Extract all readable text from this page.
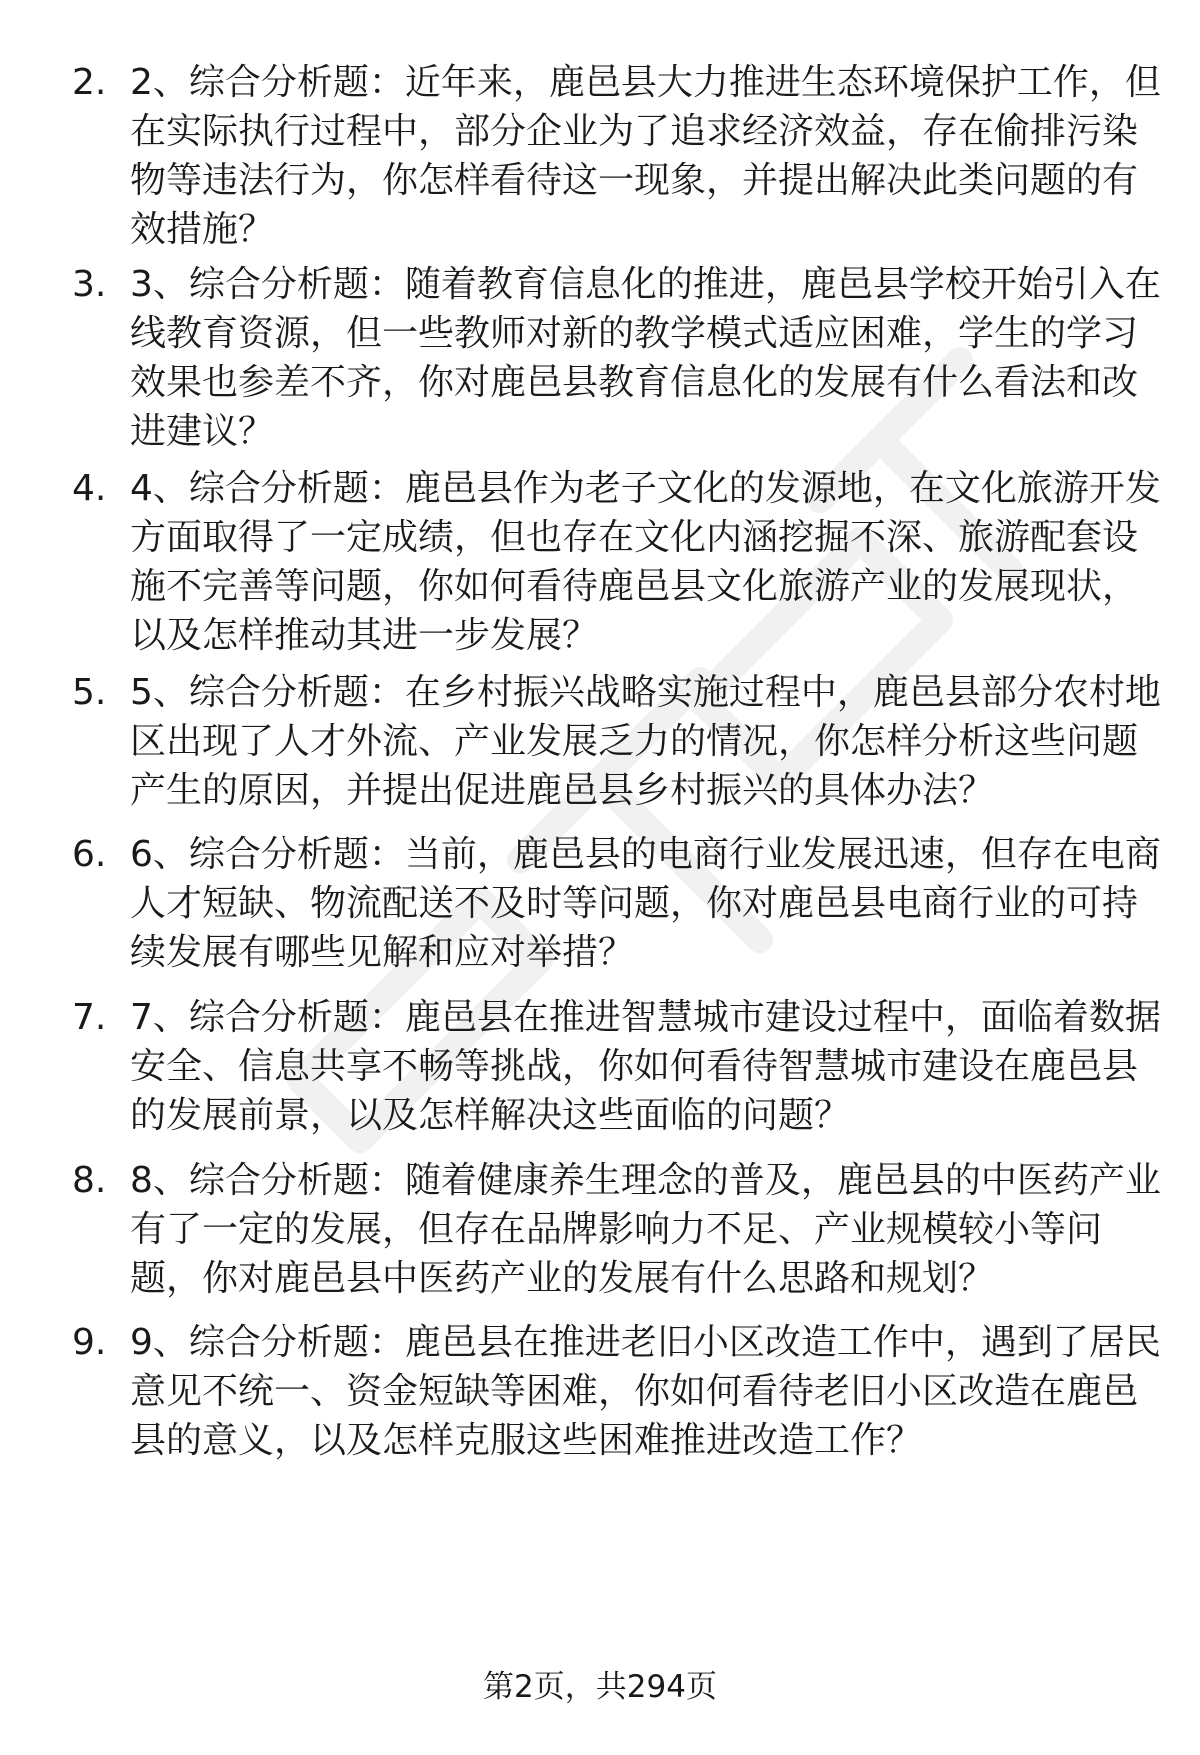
2. 2、综合分析题：近年来，鹿邑县大力推进生态环境保护工作，但在实际执行过程中，部分企业为了追求经济效益，存在偷排污染物等违法行为，你怎样看待这一现象，并提出解决此类问题的有效措施？
3. 3、综合分析题：随着教育信息化的推进，鹿邑县学校开始引入在线教育资源，但一些教师对新的教学模式适应困难，学生的学习效果也参差不齐，你对鹿邑县教育信息化的发展有什么看法和改进建议？
4. 4、综合分析题：鹿邑县作为老子文化的发源地，在文化旅游开发方面取得了一定成绩，但也存在文化内涵挖掘不深、旅游配套设施不完善等问题，你如何看待鹿邑县文化旅游产业的发展现状，以及怎样推动其进一步发展？
5. 5、综合分析题：在乡村振兴战略实施过程中，鹿邑县部分农村地区出现了人才外流、产业发展乏力的情况，你怎样分析这些问题产生的原因，并提出促进鹿邑县乡村振兴的具体办法？
6. 6、综合分析题：当前，鹿邑县的电商行业发展迅速，但存在电商人才短缺、物流配送不及时等问题，你对鹿邑县电商行业的可持续发展有哪些见解和应对举措？
7. 7、综合分析题：鹿邑县在推进智慧城市建设过程中，面临着数据安全、信息共享不畅等挑战，你如何看待智慧城市建设在鹿邑县的发展前景，以及怎样解决这些面临的问题？
8. 8、综合分析题：随着健康养生理念的普及，鹿邑县的中医药产业有了一定的发展，但存在品牌影响力不足、产业规模较小等问题，你对鹿邑县中医药产业的发展有什么思路和规划？
9. 9、综合分析题：鹿邑县在推进老旧小区改造工作中，遇到了居民意见不统一、资金短缺等困难，你如何看待老旧小区改造在鹿邑县的意义，以及怎样克服这些困难推进改造工作？
第2页，共294页
